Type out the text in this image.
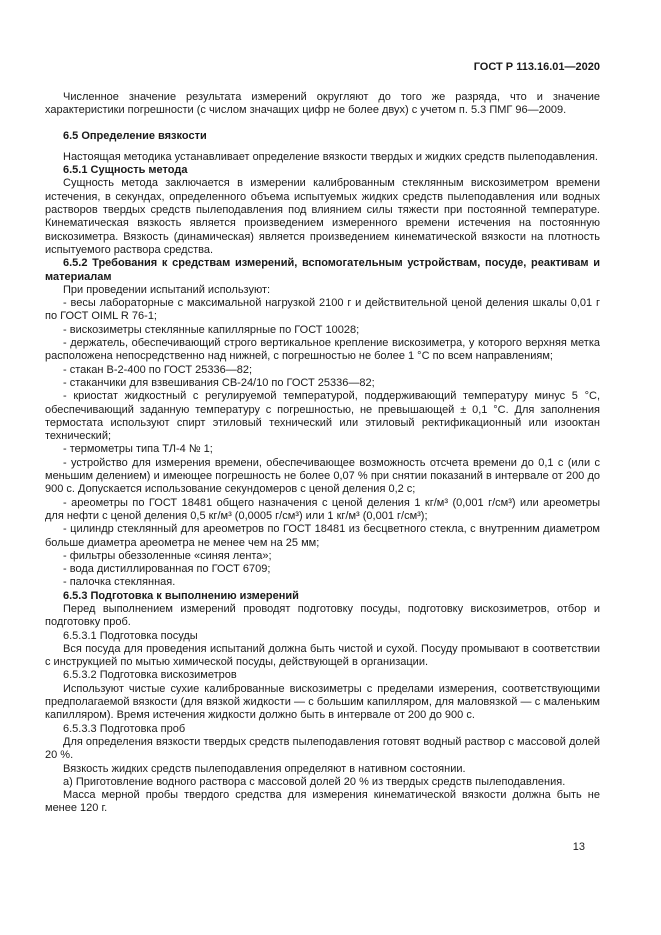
ГОСТ Р 113.16.01—2020

Численное значение результата измерений округляют до того же разряда, что и значение характеристики погрешности (с числом значащих цифр не более двух) с учетом п. 5.3 ПМГ 96—2009.

6.5 Определение вязкости

Настоящая методика устанавливает определение вязкости твердых и жидких средств пылеподавления.

6.5.1 Сущность метода

Сущность метода заключается в измерении калиброванным стеклянным вискозиметром времени истечения, в секундах, определенного объема испытуемых жидких средств пылеподавления или водных растворов твердых средств пылеподавления под влиянием силы тяжести при постоянной температуре. Кинематическая вязкость является произведением измеренного времени истечения на постоянную вискозиметра. Вязкость (динамическая) является произведением кинематической вязкости на плотность испытуемого раствора средства.

6.5.2 Требования к средствам измерений, вспомогательным устройствам, посуде, реактивам и материалам

При проведении испытаний используют:

- весы лабораторные с максимальной нагрузкой 2100 г и действительной ценой деления шкалы 0,01 г по ГОСТ OIML R 76-1;

- вискозиметры стеклянные капиллярные по ГОСТ 10028;

- держатель, обеспечивающий строго вертикальное крепление вискозиметра, у которого верхняя метка расположена непосредственно над нижней, с погрешностью не более 1 °С по всем направлениям;

- стакан В-2-400 по ГОСТ 25336—82;

- стаканчики для взвешивания СВ-24/10 по ГОСТ 25336—82;

- криостат жидкостный с регулируемой температурой, поддерживающий температуру минус 5 °С, обеспечивающий заданную температуру с погрешностью, не превышающей ± 0,1 °С. Для заполнения термостата используют спирт этиловый технический или этиловый ректификационный или изооктан технический;

- термометры типа ТЛ-4 № 1;

- устройство для измерения времени, обеспечивающее возможность отсчета времени до 0,1 с (или с меньшим делением) и имеющее погрешность не более 0,07 % при снятии показаний в интервале от 200 до 900 с. Допускается использование секундомеров с ценой деления 0,2 с;

- ареометры по ГОСТ 18481 общего назначения с ценой деления 1 кг/м³ (0,001 г/см³) или ареометры для нефти с ценой деления 0,5 кг/м³ (0,0005 г/см³) или 1 кг/м³ (0,001 г/см³);

- цилиндр стеклянный для ареометров по ГОСТ 18481 из бесцветного стекла, с внутренним диаметром больше диаметра ареометра не менее чем на 25 мм;

- фильтры обеззоленные «синяя лента»;

- вода дистиллированная по ГОСТ 6709;

- палочка стеклянная.

6.5.3 Подготовка к выполнению измерений

Перед выполнением измерений проводят подготовку посуды, подготовку вискозиметров, отбор и подготовку проб.

6.5.3.1 Подготовка посуды

Вся посуда для проведения испытаний должна быть чистой и сухой. Посуду промывают в соответствии с инструкцией по мытью химической посуды, действующей в организации.

6.5.3.2 Подготовка вискозиметров

Используют чистые сухие калиброванные вискозиметры с пределами измерения, соответствующими предполагаемой вязкости (для вязкой жидкости — с большим капилляром, для маловязкой — с маленьким капилляром). Время истечения жидкости должно быть в интервале от 200 до 900 с.

6.5.3.3 Подготовка проб

Для определения вязкости твердых средств пылеподавления готовят водный раствор с массовой долей 20 %.

Вязкость жидких средств пылеподавления определяют в нативном состоянии.

а) Приготовление водного раствора с массовой долей 20 % из твердых средств пылеподавления.

Масса мерной пробы твердого средства для измерения кинематической вязкости должна быть не менее 120 г.

13
